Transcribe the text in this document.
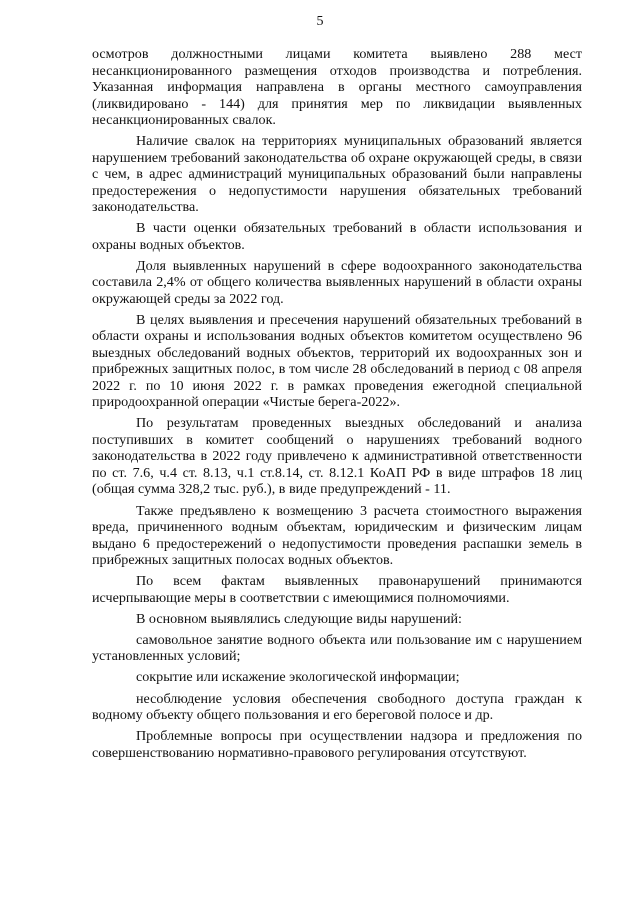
5

осмотров должностными лицами комитета выявлено 288 мест несанкционированного размещения отходов производства и потребления. Указанная информация направлена в органы местного самоуправления (ликвидировано - 144) для принятия мер по ликвидации выявленных несанкционированных свалок.

Наличие свалок на территориях муниципальных образований является нарушением требований законодательства об охране окружающей среды, в связи с чем, в адрес администраций муниципальных образований были направлены предостережения о недопустимости нарушения обязательных требований законодательства.

В части оценки обязательных требований в области использования и охраны водных объектов.

Доля выявленных нарушений в сфере водоохранного законодательства составила 2,4% от общего количества выявленных нарушений в области охраны окружающей среды за 2022 год.

В целях выявления и пресечения нарушений обязательных требований в области охраны и использования водных объектов комитетом осуществлено 96 выездных обследований водных объектов, территорий их водоохранных зон и прибрежных защитных полос, в том числе 28 обследований в период с 08 апреля 2022 г. по 10 июня 2022 г. в рамках проведения ежегодной специальной природоохранной операции «Чистые берега-2022».

По результатам проведенных выездных обследований и анализа поступивших в комитет сообщений о нарушениях требований водного законодательства в 2022 году привлечено к административной ответственности по ст. 7.6, ч.4 ст. 8.13, ч.1 ст.8.14, ст. 8.12.1 КоАП РФ в виде штрафов 18 лиц (общая сумма 328,2 тыс. руб.), в виде предупреждений - 11.

Также предъявлено к возмещению 3 расчета стоимостного выражения вреда, причиненного водным объектам, юридическим и физическим лицам выдано 6 предостережений о недопустимости проведения распашки земель в прибрежных защитных полосах водных объектов.

По всем фактам выявленных правонарушений принимаются исчерпывающие меры в соответствии с имеющимися полномочиями.

В основном выявлялись следующие виды нарушений:

самовольное занятие водного объекта или пользование им с нарушением установленных условий;

сокрытие или искажение экологической информации;

несоблюдение условия обеспечения свободного доступа граждан к водному объекту общего пользования и его береговой полосе и др.

Проблемные вопросы при осуществлении надзора и предложения по совершенствованию нормативно-правового регулирования отсутствуют.
